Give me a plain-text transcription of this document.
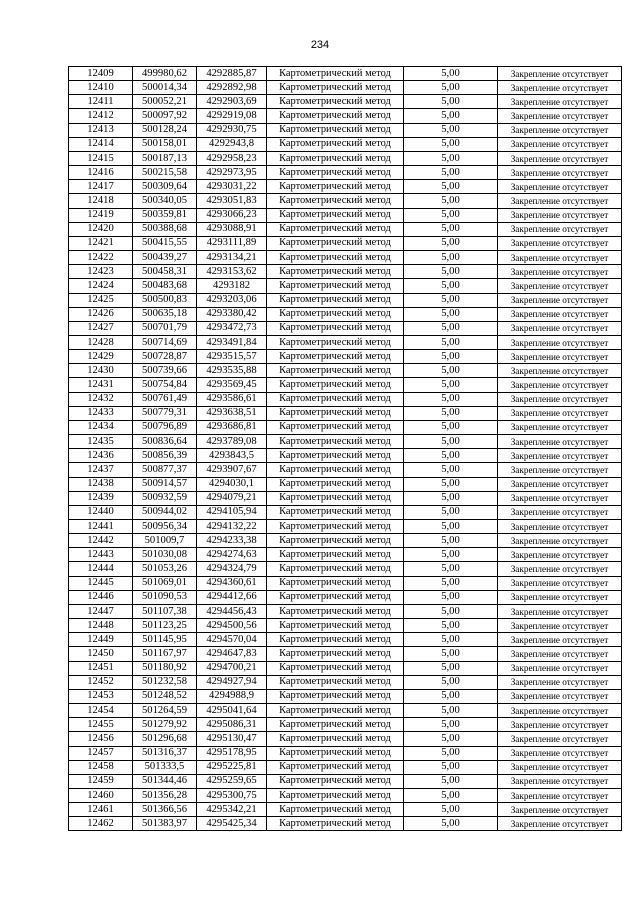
234
12409	499980,62	4292885,87	Картометрический метод	5,00	Закрепление отсутствует
12410	500014,34	4292892,98	Картометрический метод	5,00	Закрепление отсутствует
12411	500052,21	4292903,69	Картометрический метод	5,00	Закрепление отсутствует
12412	500097,92	4292919,08	Картометрический метод	5,00	Закрепление отсутствует
12413	500128,24	4292930,75	Картометрический метод	5,00	Закрепление отсутствует
12414	500158,01	4292943,8	Картометрический метод	5,00	Закрепление отсутствует
12415	500187,13	4292958,23	Картометрический метод	5,00	Закрепление отсутствует
12416	500215,58	4292973,95	Картометрический метод	5,00	Закрепление отсутствует
12417	500309,64	4293031,22	Картометрический метод	5,00	Закрепление отсутствует
12418	500340,05	4293051,83	Картометрический метод	5,00	Закрепление отсутствует
12419	500359,81	4293066,23	Картометрический метод	5,00	Закрепление отсутствует
12420	500388,68	4293088,91	Картометрический метод	5,00	Закрепление отсутствует
12421	500415,55	4293111,89	Картометрический метод	5,00	Закрепление отсутствует
12422	500439,27	4293134,21	Картометрический метод	5,00	Закрепление отсутствует
12423	500458,31	4293153,62	Картометрический метод	5,00	Закрепление отсутствует
12424	500483,68	4293182	Картометрический метод	5,00	Закрепление отсутствует
12425	500500,83	4293203,06	Картометрический метод	5,00	Закрепление отсутствует
12426	500635,18	4293380,42	Картометрический метод	5,00	Закрепление отсутствует
12427	500701,79	4293472,73	Картометрический метод	5,00	Закрепление отсутствует
12428	500714,69	4293491,84	Картометрический метод	5,00	Закрепление отсутствует
12429	500728,87	4293515,57	Картометрический метод	5,00	Закрепление отсутствует
12430	500739,66	4293535,88	Картометрический метод	5,00	Закрепление отсутствует
12431	500754,84	4293569,45	Картометрический метод	5,00	Закрепление отсутствует
12432	500761,49	4293586,61	Картометрический метод	5,00	Закрепление отсутствует
12433	500779,31	4293638,51	Картометрический метод	5,00	Закрепление отсутствует
12434	500796,89	4293686,81	Картометрический метод	5,00	Закрепление отсутствует
12435	500836,64	4293789,08	Картометрический метод	5,00	Закрепление отсутствует
12436	500856,39	4293843,5	Картометрический метод	5,00	Закрепление отсутствует
12437	500877,37	4293907,67	Картометрический метод	5,00	Закрепление отсутствует
12438	500914,57	4294030,1	Картометрический метод	5,00	Закрепление отсутствует
12439	500932,59	4294079,21	Картометрический метод	5,00	Закрепление отсутствует
12440	500944,02	4294105,94	Картометрический метод	5,00	Закрепление отсутствует
12441	500956,34	4294132,22	Картометрический метод	5,00	Закрепление отсутствует
12442	501009,7	4294233,38	Картометрический метод	5,00	Закрепление отсутствует
12443	501030,08	4294274,63	Картометрический метод	5,00	Закрепление отсутствует
12444	501053,26	4294324,79	Картометрический метод	5,00	Закрепление отсутствует
12445	501069,01	4294360,61	Картометрический метод	5,00	Закрепление отсутствует
12446	501090,53	4294412,66	Картометрический метод	5,00	Закрепление отсутствует
12447	501107,38	4294456,43	Картометрический метод	5,00	Закрепление отсутствует
12448	501123,25	4294500,56	Картометрический метод	5,00	Закрепление отсутствует
12449	501145,95	4294570,04	Картометрический метод	5,00	Закрепление отсутствует
12450	501167,97	4294647,83	Картометрический метод	5,00	Закрепление отсутствует
12451	501180,92	4294700,21	Картометрический метод	5,00	Закрепление отсутствует
12452	501232,58	4294927,94	Картометрический метод	5,00	Закрепление отсутствует
12453	501248,52	4294988,9	Картометрический метод	5,00	Закрепление отсутствует
12454	501264,59	4295041,64	Картометрический метод	5,00	Закрепление отсутствует
12455	501279,92	4295086,31	Картометрический метод	5,00	Закрепление отсутствует
12456	501296,68	4295130,47	Картометрический метод	5,00	Закрепление отсутствует
12457	501316,37	4295178,95	Картометрический метод	5,00	Закрепление отсутствует
12458	501333,5	4295225,81	Картометрический метод	5,00	Закрепление отсутствует
12459	501344,46	4295259,65	Картометрический метод	5,00	Закрепление отсутствует
12460	501356,28	4295300,75	Картометрический метод	5,00	Закрепление отсутствует
12461	501366,56	4295342,21	Картометрический метод	5,00	Закрепление отсутствует
12462	501383,97	4295425,34	Картометрический метод	5,00	Закрепление отсутствует
